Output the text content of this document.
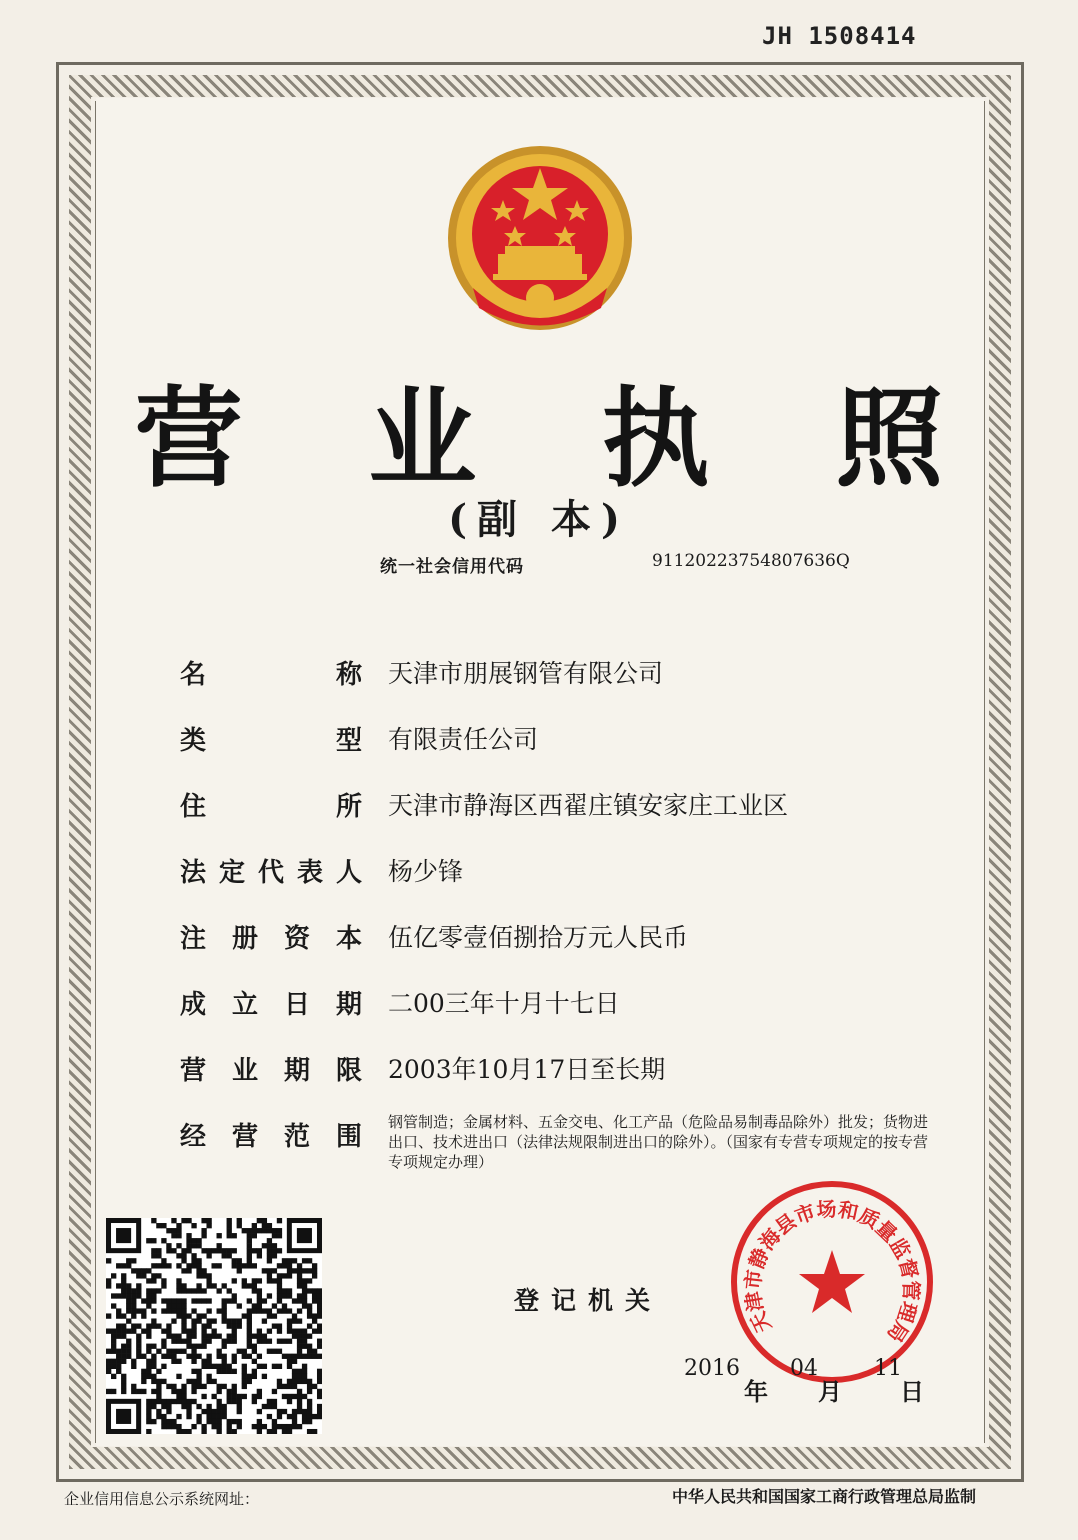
JH 1508414
营 业 执 照
(副 本)
统一社会信用代码	91120223754807636Q
名	称 天津市朋展钢管有限公司
类	型 有限责任公司
住	所 天津市静海区西翟庄镇安家庄工业区
法 定 代 表 人 杨少锋
注 册 资 本 伍亿零壹佰捌拾万元人民币
成 立 日 期 二00三年十月十七日
营 业 期 限 2003年10月17日至长期
经 营 范 围 钢管制造；金属材料、五金交电、化工产品（危险品易制毒品除外）批发；货物进出口、技术进出口（法律法规限制进出口的除外）。（国家有专营专项规定的按专营专项规定办理）
登记机关
天津市静海县市场和质量监督管理局
2016
年
04
月
11
日
企业信用信息公示系统网址：	中华人民共和国国家工商行政管理总局监制
